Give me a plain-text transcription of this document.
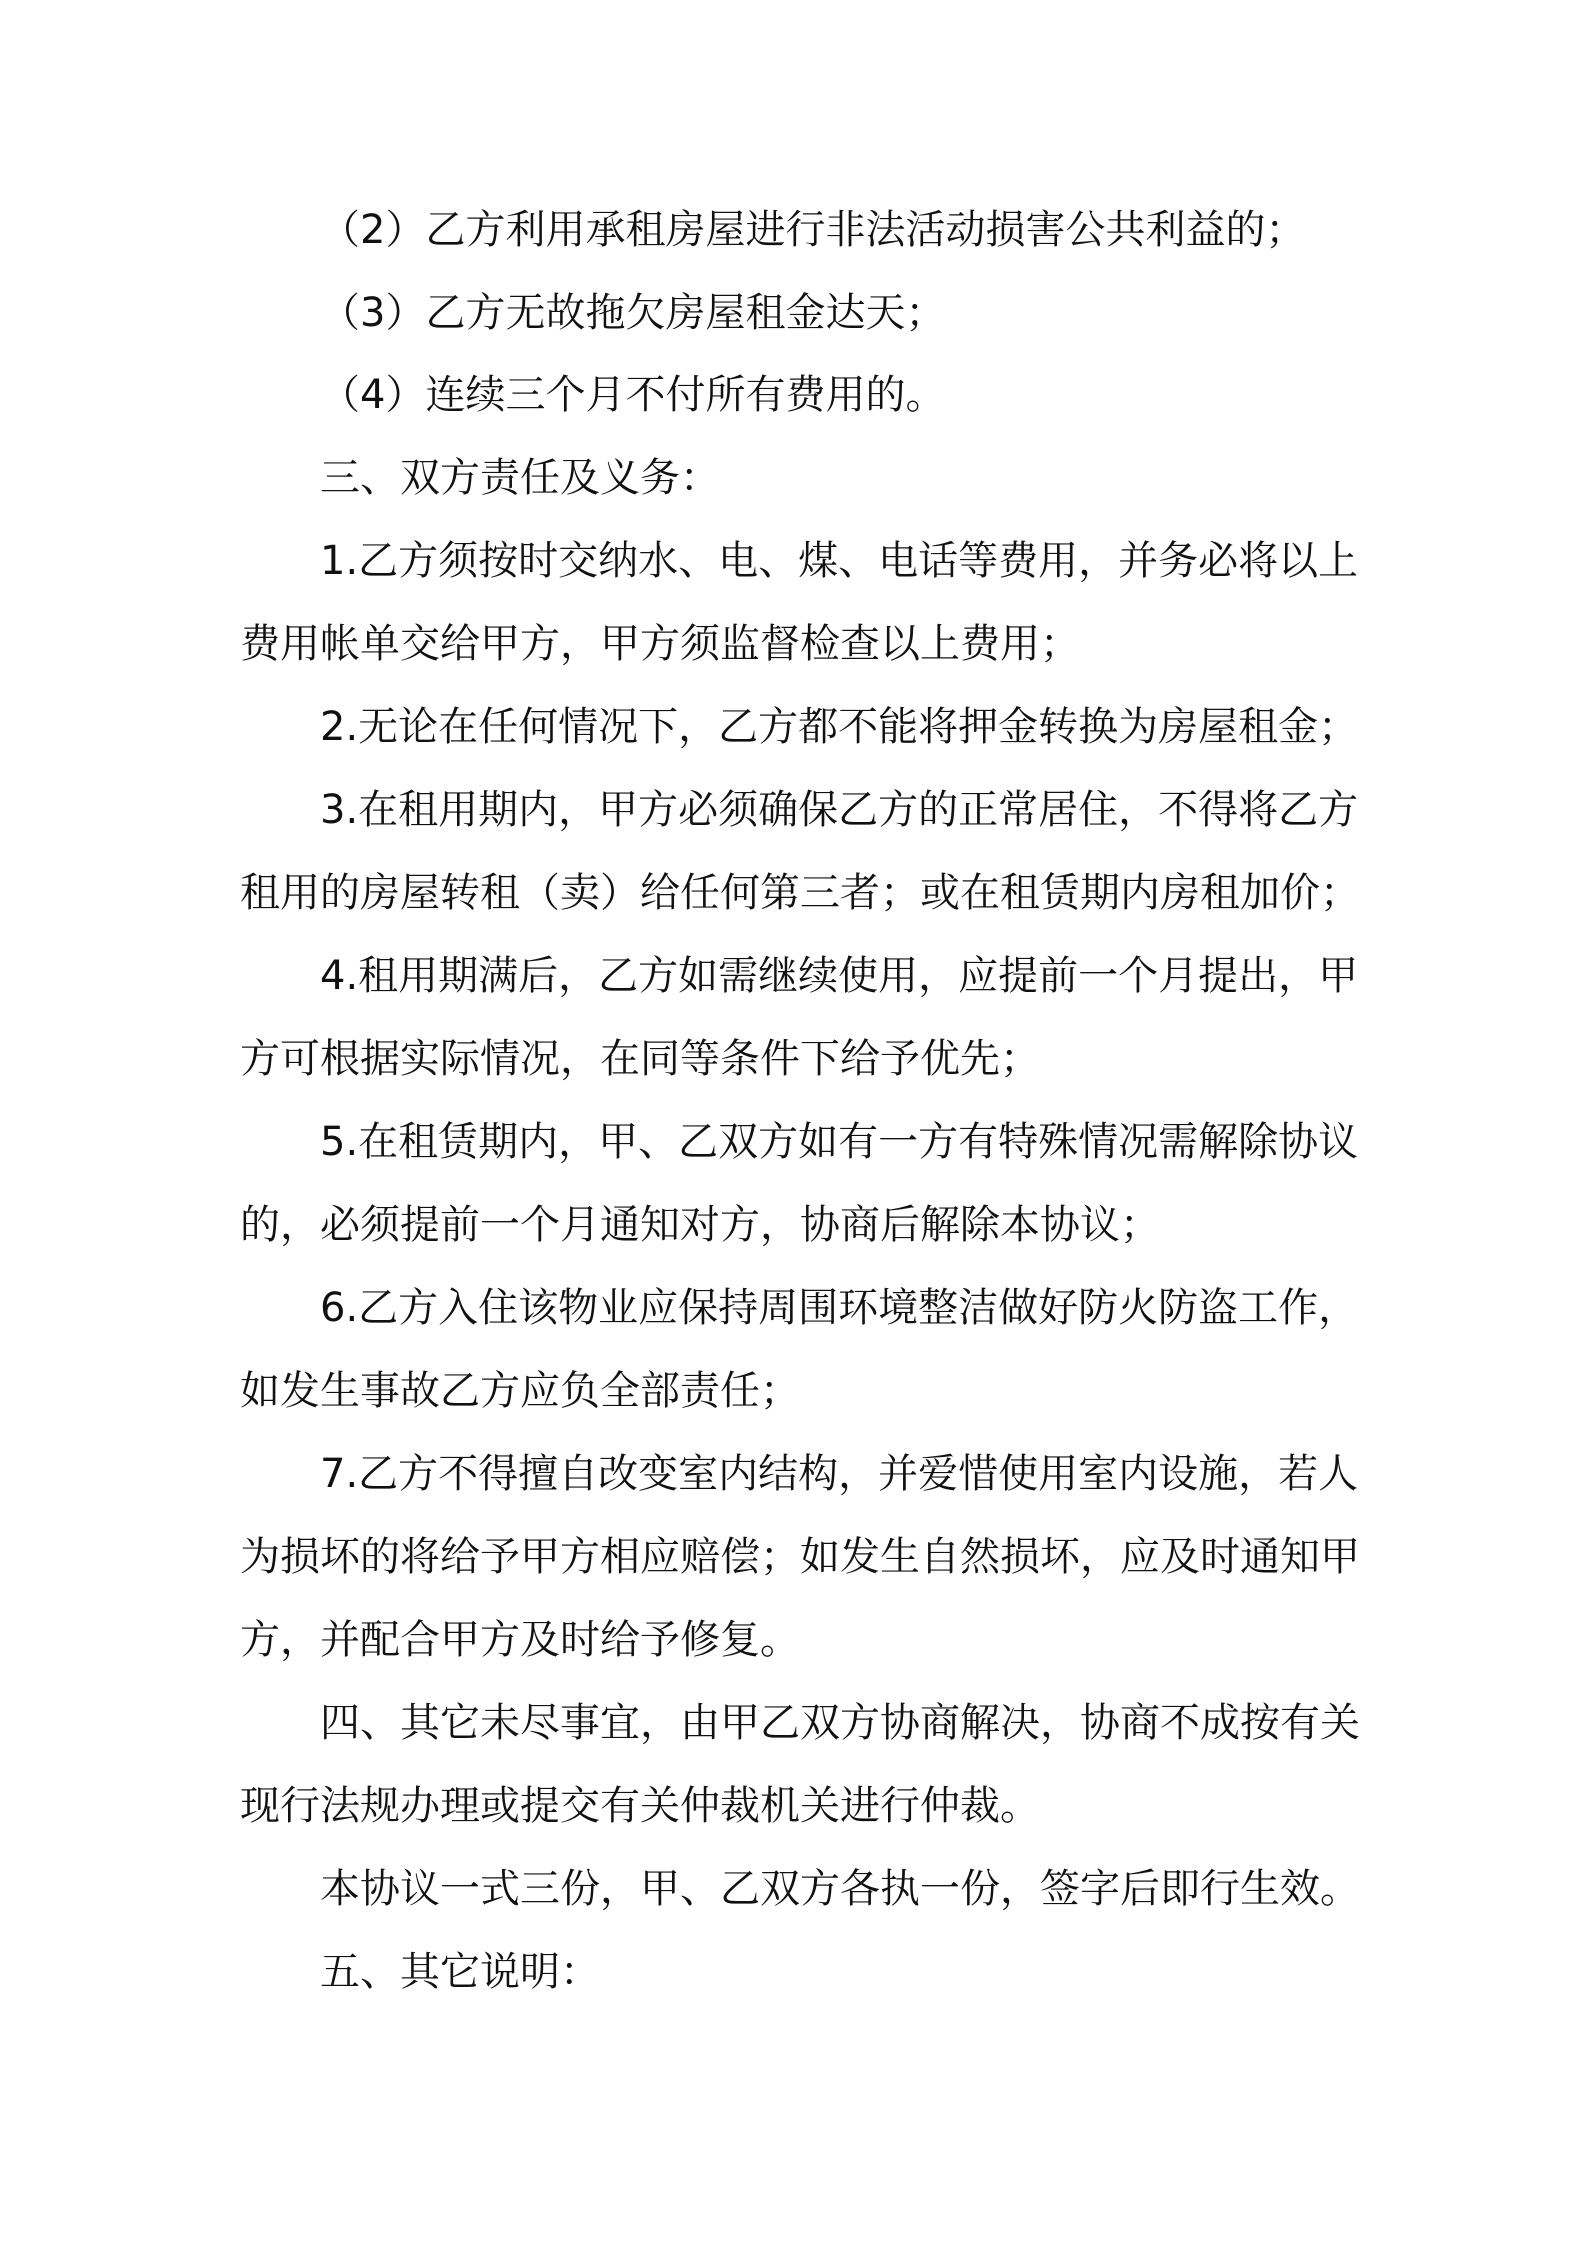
（2）乙方利用承租房屋进行非法活动损害公共利益的；

（3）乙方无故拖欠房屋租金达天；

（4）连续三个月不付所有费用的。

三、双方责任及义务：

1.乙方须按时交纳水、电、煤、电话等费用，并务必将以上

费用帐单交给甲方，甲方须监督检查以上费用；

2.无论在任何情况下，乙方都不能将押金转换为房屋租金；

3.在租用期内，甲方必须确保乙方的正常居住，不得将乙方

租用的房屋转租（卖）给任何第三者；或在租赁期内房租加价；

4.租用期满后，乙方如需继续使用，应提前一个月提出，甲

方可根据实际情况，在同等条件下给予优先；

5.在租赁期内，甲、乙双方如有一方有特殊情况需解除协议

的，必须提前一个月通知对方，协商后解除本协议；

6.乙方入住该物业应保持周围环境整洁做好防火防盗工作，

如发生事故乙方应负全部责任；

7.乙方不得擅自改变室内结构，并爱惜使用室内设施，若人

为损坏的将给予甲方相应赔偿；如发生自然损坏，应及时通知甲

方，并配合甲方及时给予修复。

四、其它未尽事宜，由甲乙双方协商解决，协商不成按有关

现行法规办理或提交有关仲裁机关进行仲裁。

本协议一式三份，甲、乙双方各执一份，签字后即行生效。

五、其它说明：
